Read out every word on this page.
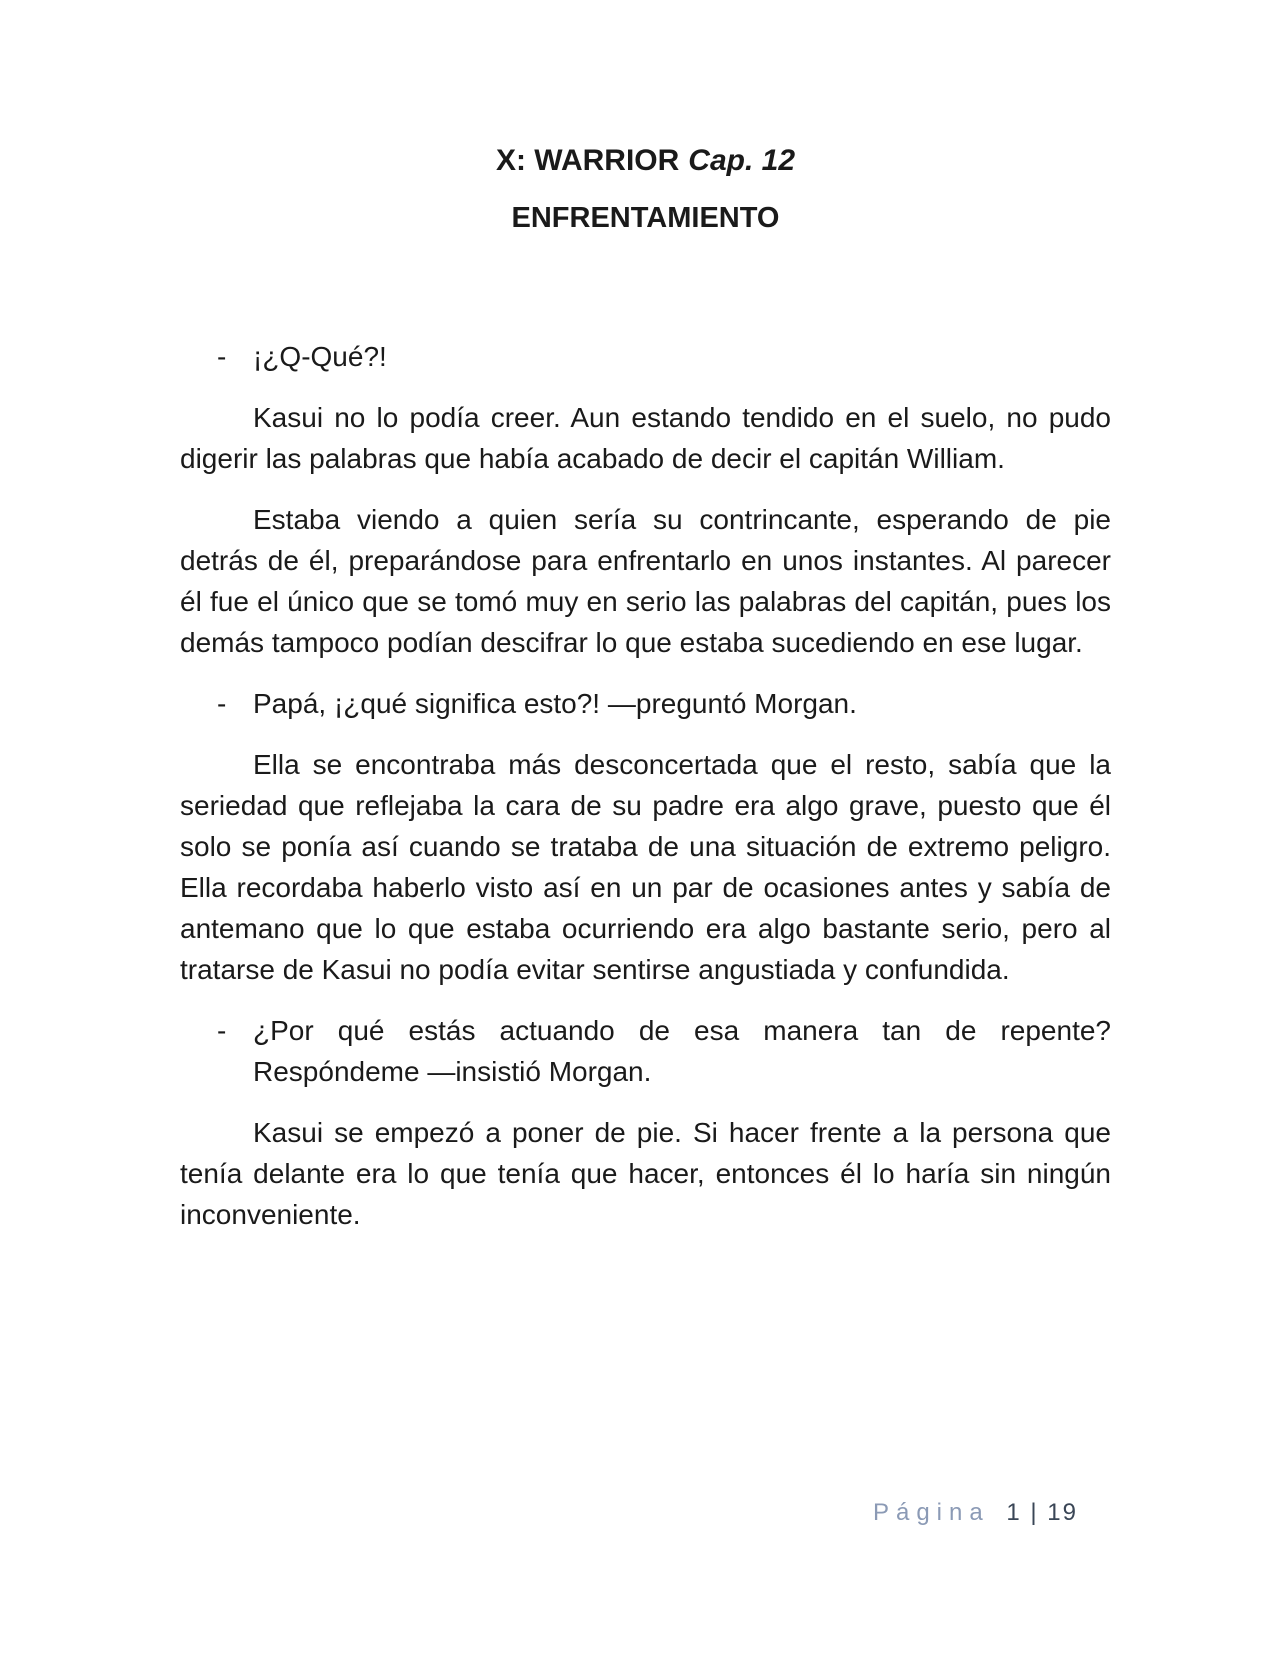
X: WARRIOR Cap. 12
ENFRENTAMIENTO
- ¡¿Q-Qué?!

Kasui no lo podía creer. Aun estando tendido en el suelo, no pudo digerir las palabras que había acabado de decir el capitán William.

Estaba viendo a quien sería su contrincante, esperando de pie detrás de él, preparándose para enfrentarlo en unos instantes. Al parecer él fue el único que se tomó muy en serio las palabras del capitán, pues los demás tampoco podían descifrar lo que estaba sucediendo en ese lugar.

- Papá, ¡¿qué significa esto?! —preguntó Morgan.

Ella se encontraba más desconcertada que el resto, sabía que la seriedad que reflejaba la cara de su padre era algo grave, puesto que él solo se ponía así cuando se trataba de una situación de extremo peligro. Ella recordaba haberlo visto así en un par de ocasiones antes y sabía de antemano que lo que estaba ocurriendo era algo bastante serio, pero al tratarse de Kasui no podía evitar sentirse angustiada y confundida.

- ¿Por qué estás actuando de esa manera tan de repente? Respóndeme —insistió Morgan.

Kasui se empezó a poner de pie. Si hacer frente a la persona que tenía delante era lo que tenía que hacer, entonces él lo haría sin ningún inconveniente.

Página 1 | 19
